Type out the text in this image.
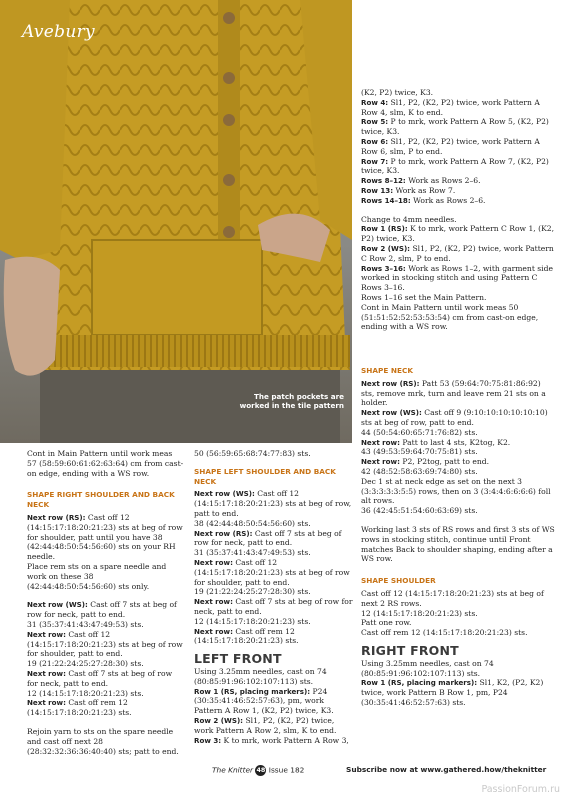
Avebury
The patch pockets are worked in the tile pattern

(K2, P2) twice, K3.

Row 4: Sl1, P2, (K2, P2) twice, work Pattern A Row 4, slm, K to end.

Row 5: P to mrk, work Pattern A Row 5, (K2, P2) twice, K3.

Row 6: Sl1, P2, (K2, P2) twice, work Pattern A Row 6, slm, P to end.

Row 7: P to mrk, work Pattern A Row 7, (K2, P2) twice, K3.

Rows 8–12: Work as Rows 2–6.

Row 13: Work as Row 7.

Rows 14–18: Work as Rows 2–6.

Change to 4mm needles.

Row 1 (RS): K to mrk, work Pattern C Row 1, (K2, P2) twice, K3.

Row 2 (WS): Sl1, P2, (K2, P2) twice, work Pattern C Row 2, slm, P to end.

Rows 3–16: Work as Rows 1–2, with garment side worked in stocking stitch and using Pattern C Rows 3–16.

Rows 1–16 set the Main Pattern.

Cont in Main Pattern until work meas 50 (51:51:52:52:53:53:54) cm from cast-on edge, ending with a WS row.

Cont in Main Pattern until work meas 57 (58:59:60:61:62:63:64) cm from cast-on edge, ending with a WS row.

SHAPE RIGHT SHOULDER AND BACK NECK

Next row (RS): Cast off 12 (14:15:17:18:20:21:23) sts at beg of row for shoulder, patt until you have 38 (42:44:48:50:54:56:60) sts on your RH needle.

Place rem sts on a spare needle and work on these 38 (42:44:48:50:54:56:60) sts only.

Next row (WS): Cast off 7 sts at beg of row for neck, patt to end.

31 (35:37:41:43:47:49:53) sts.

Next row: Cast off 12 (14:15:17:18:20:21:23) sts at beg of row for shoulder, patt to end.

19 (21:22:24:25:27:28:30) sts.

Next row: Cast off 7 sts at beg of row for neck, patt to end.

12 (14:15:17:18:20:21:23) sts.

Next row: Cast off rem 12 (14:15:17:18:20:21:23) sts.

Rejoin yarn to sts on the spare needle and cast off next 28 (28:32:32:36:36:40:40) sts; patt to end.

50 (56:59:65:68:74:77:83) sts.

SHAPE LEFT SHOULDER AND BACK NECK

Next row (WS): Cast off 12 (14:15:17:18:20:21:23) sts at beg of row, patt to end.

38 (42:44:48:50:54:56:60) sts.

Next row (RS): Cast off 7 sts at beg of row for neck, patt to end.

31 (35:37:41:43:47:49:53) sts.

Next row: Cast off 12 (14:15:17:18:20:21:23) sts at beg of row for shoulder, patt to end.

19 (21:22:24:25:27:28:30) sts.

Next row: Cast off 7 sts at beg of row for neck, patt to end.

12 (14:15:17:18:20:21:23) sts.

Next row: Cast off rem 12 (14:15:17:18:20:21:23) sts.

LEFT FRONT

Using 3.25mm needles, cast on 74 (80:85:91:96:102:107:113) sts.

Row 1 (RS, placing markers): P24 (30:35:41:46:52:57:63), pm, work Pattern A Row 1, (K2, P2) twice, K3.

Row 2 (WS): Sl1, P2, (K2, P2) twice, work Pattern A Row 2, slm, K to end.

Row 3: K to mrk, work Pattern A Row 3,

SHAPE NECK

Next row (RS): Patt 53 (59:64:70:75:81:86:92) sts, remove mrk, turn and leave rem 21 sts on a holder.

Next row (WS): Cast off 9 (9:10:10:10:10:10:10) sts at beg of row, patt to end.

44 (50:54:60:65:71:76:82) sts.

Next row: Patt to last 4 sts, K2tog, K2.

43 (49:53:59:64:70:75:81) sts.

Next row: P2, P2tog, patt to end.

42 (48:52:58:63:69:74:80) sts.

Dec 1 st at neck edge as set on the next 3 (3:3:3:3:3:5:5) rows, then on 3 (3:4:4:6:6:6:6) foll alt rows.

36 (42:45:51:54:60:63:69) sts.

Working last 3 sts of RS rows and first 3 sts of WS rows in stocking stitch, continue until Front matches Back to shoulder shaping, ending after a WS row.

SHAPE SHOULDER

Cast off 12 (14:15:17:18:20:21:23) sts at beg of next 2 RS rows.

12 (14:15:17:18:20:21:23) sts.

Patt one row.

Cast off rem 12 (14:15:17:18:20:21:23) sts.

RIGHT FRONT

Using 3.25mm needles, cast on 74 (80:85:91:96:102:107:113) sts.

Row 1 (RS, placing markers): Sl1, K2, (P2, K2) twice, work Pattern B Row 1, pm, P24 (30:35:41:46:52:57:63) sts.

The Knitter 48 Issue 182	Subscribe now at www.gathered.how/theknitter
PassionForum.ru
